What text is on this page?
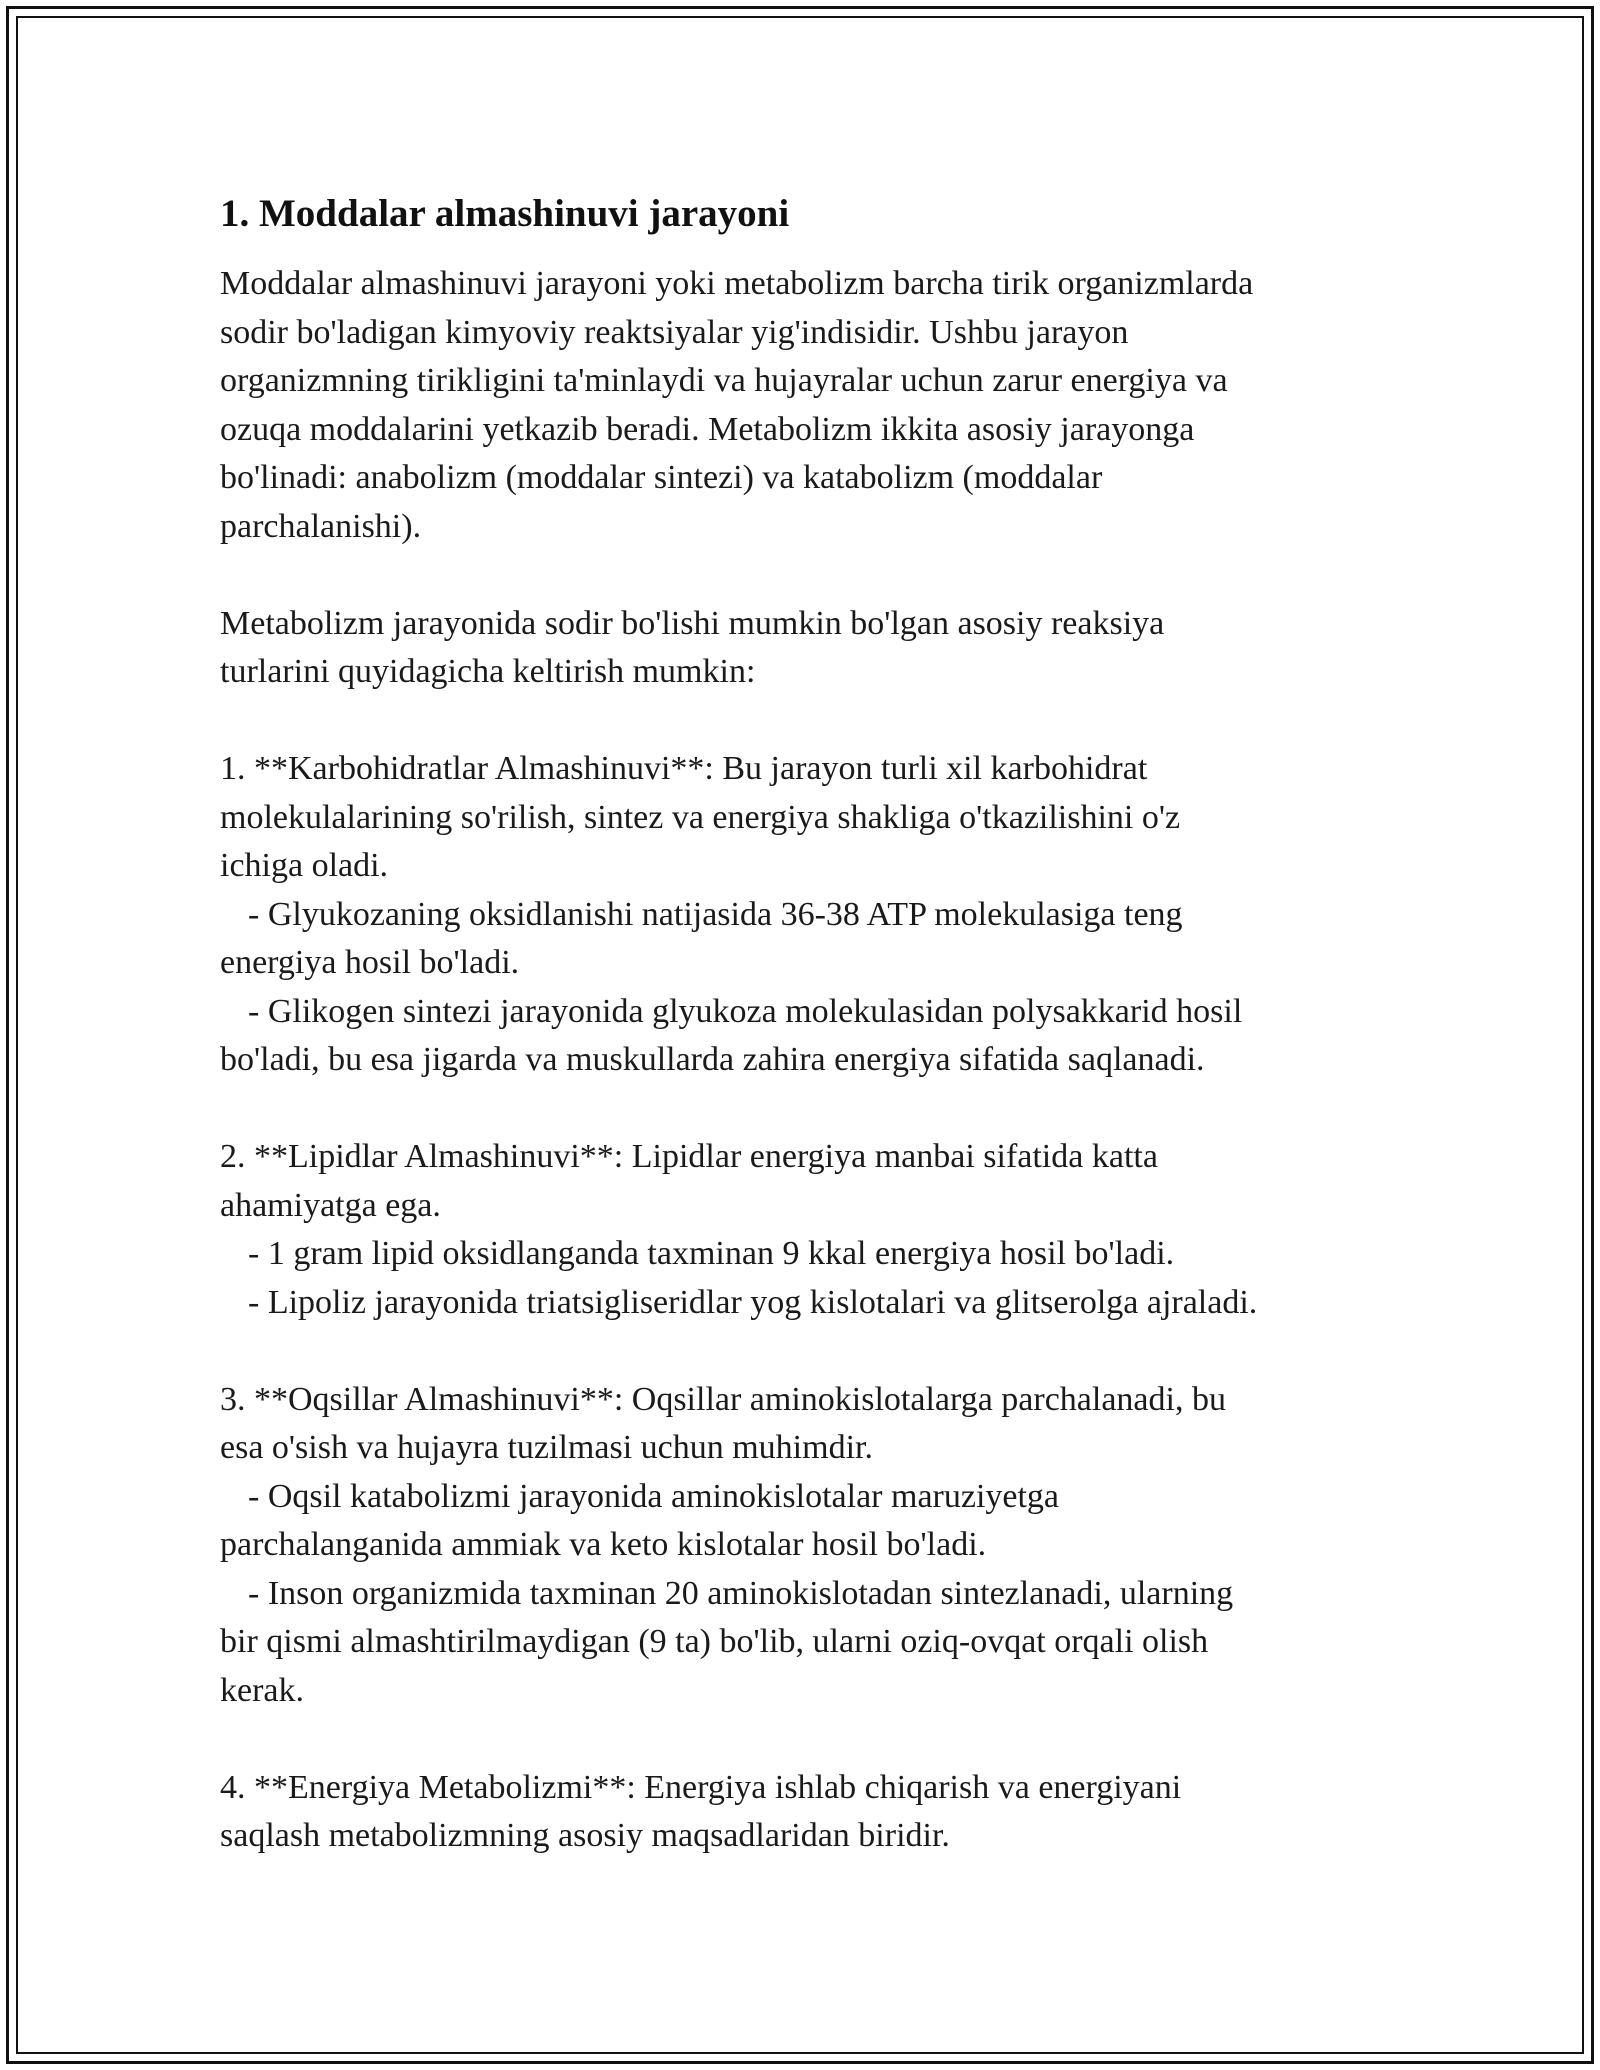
1. Moddalar almashinuvi jarayoni
Moddalar almashinuvi jarayoni yoki metabolizm barcha tirik organizmlarda
sodir bo'ladigan kimyoviy reaktsiyalar yig'indisidir. Ushbu jarayon
organizmning tirikligini ta'minlaydi va hujayralar uchun zarur energiya va
ozuqa moddalarini yetkazib beradi. Metabolizm ikkita asosiy jarayonga
bo'linadi: anabolizm (moddalar sintezi) va katabolizm (moddalar
parchalanishi).
Metabolizm jarayonida sodir bo'lishi mumkin bo'lgan asosiy reaksiya
turlarini quyidagicha keltirish mumkin:
1. **Karbohidratlar Almashinuvi**: Bu jarayon turli xil karbohidrat
molekulalarining so'rilish, sintez va energiya shakliga o'tkazilishini o'z
ichiga oladi.
- Glyukozaning oksidlanishi natijasida 36-38 ATP molekulasiga teng
energiya hosil bo'ladi.
- Glikogen sintezi jarayonida glyukoza molekulasidan polysakkarid hosil
bo'ladi, bu esa jigarda va muskullarda zahira energiya sifatida saqlanadi.
2. **Lipidlar Almashinuvi**: Lipidlar energiya manbai sifatida katta
ahamiyatga ega.
- 1 gram lipid oksidlanganda taxminan 9 kkal energiya hosil bo'ladi.
- Lipoliz jarayonida triatsigliseridlar yog kislotalari va glitserolga ajraladi.
3. **Oqsillar Almashinuvi**: Oqsillar aminokislotalarga parchalanadi, bu
esa o'sish va hujayra tuzilmasi uchun muhimdir.
- Oqsil katabolizmi jarayonida aminokislotalar maruziyetga
parchalanganida ammiak va keto kislotalar hosil bo'ladi.
- Inson organizmida taxminan 20 aminokislotadan sintezlanadi, ularning
bir qismi almashtirilmaydigan (9 ta) bo'lib, ularni oziq-ovqat orqali olish
kerak.
4. **Energiya Metabolizmi**: Energiya ishlab chiqarish va energiyani
saqlash metabolizmning asosiy maqsadlaridan biridir.
